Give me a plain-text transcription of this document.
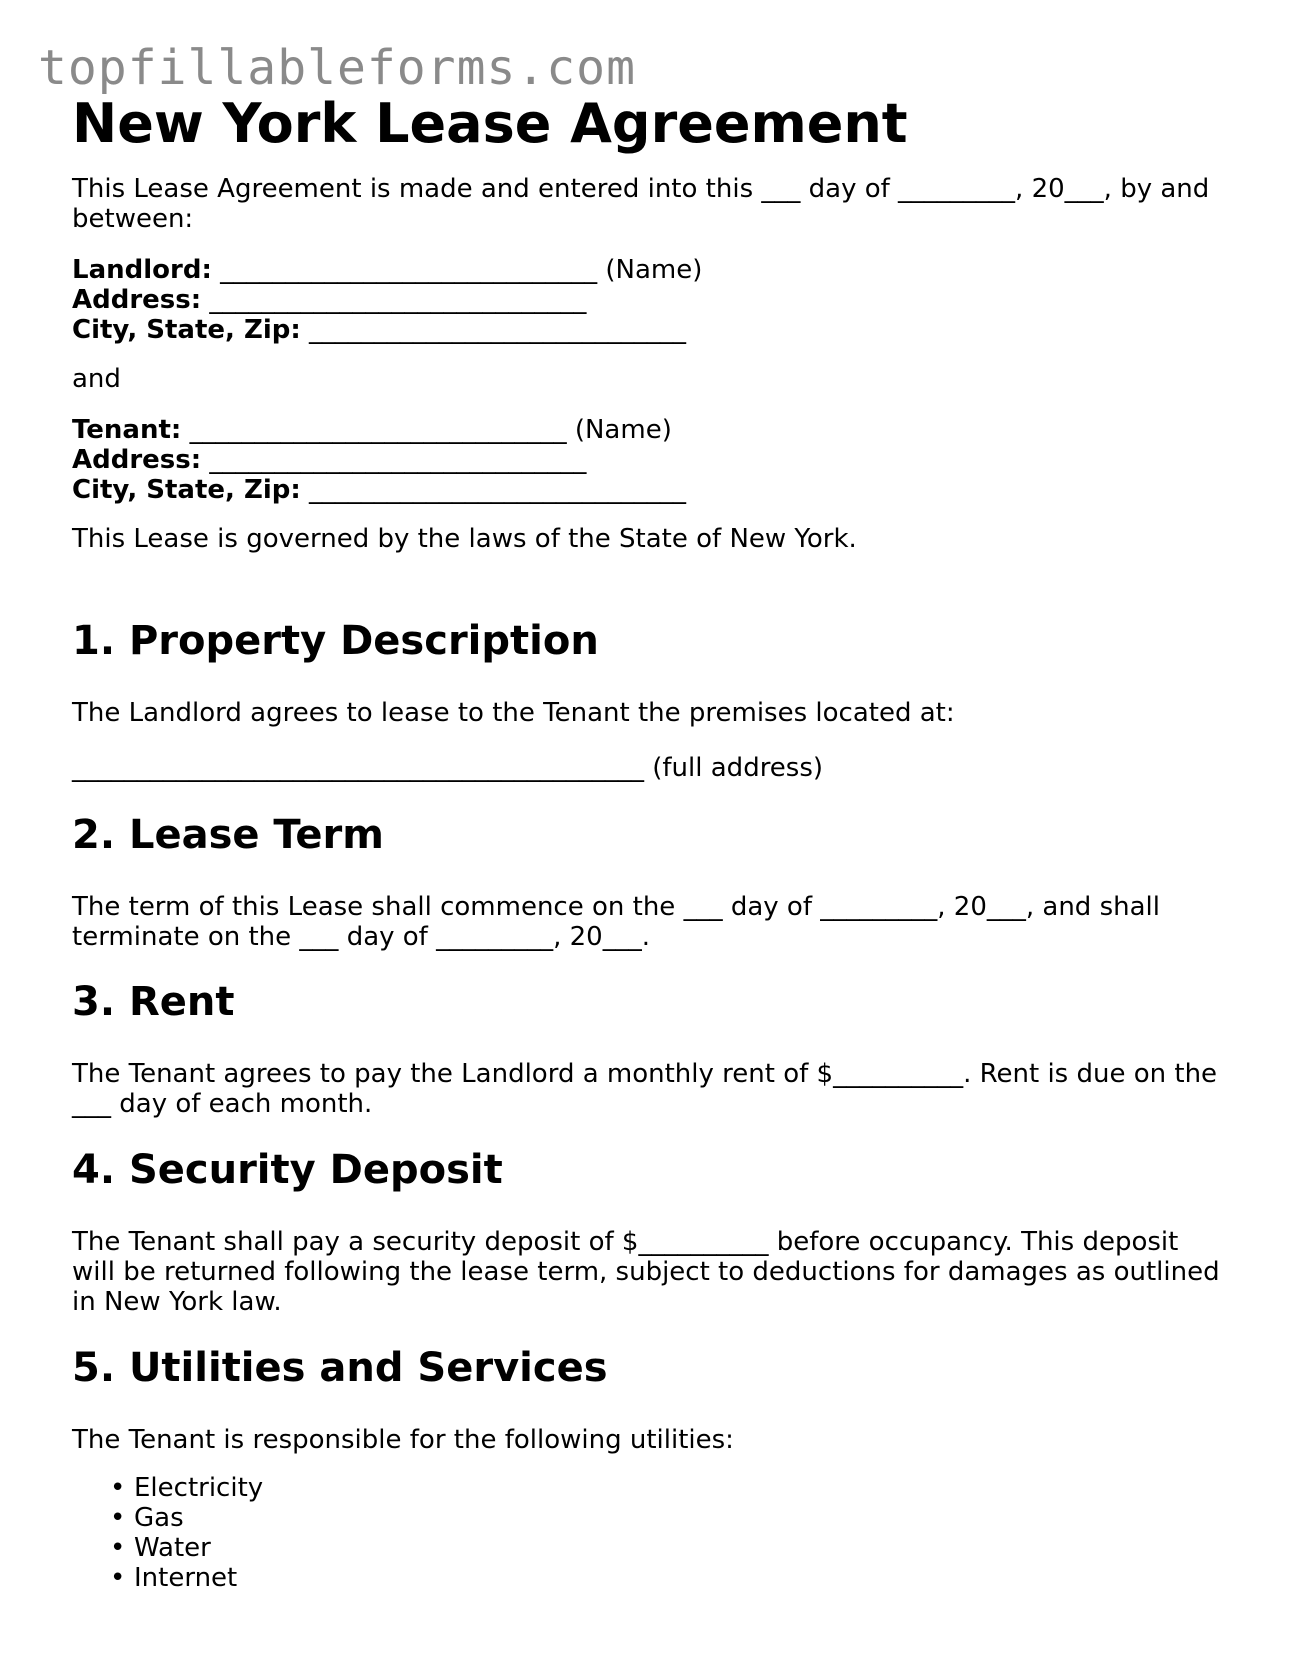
topfillableforms.com
New York Lease Agreement

This Lease Agreement is made and entered into this ___ day of _________, 20___, by and between:

Landlord: _____________________________ (Name)
Address: _____________________________
City, State, Zip: _____________________________

and

Tenant: _____________________________ (Name)
Address: _____________________________
City, State, Zip: _____________________________

This Lease is governed by the laws of the State of New York.

1. Property Description

The Landlord agrees to lease to the Tenant the premises located at:

____________________________________________ (full address)

2. Lease Term

The term of this Lease shall commence on the ___ day of _________, 20___, and shall terminate on the ___ day of _________, 20___.

3. Rent

The Tenant agrees to pay the Landlord a monthly rent of $__________. Rent is due on the ___ day of each month.

4. Security Deposit

The Tenant shall pay a security deposit of $__________ before occupancy. This deposit will be returned following the lease term, subject to deductions for damages as outlined in New York law.

5. Utilities and Services

The Tenant is responsible for the following utilities:

• Electricity
• Gas
• Water
• Internet
